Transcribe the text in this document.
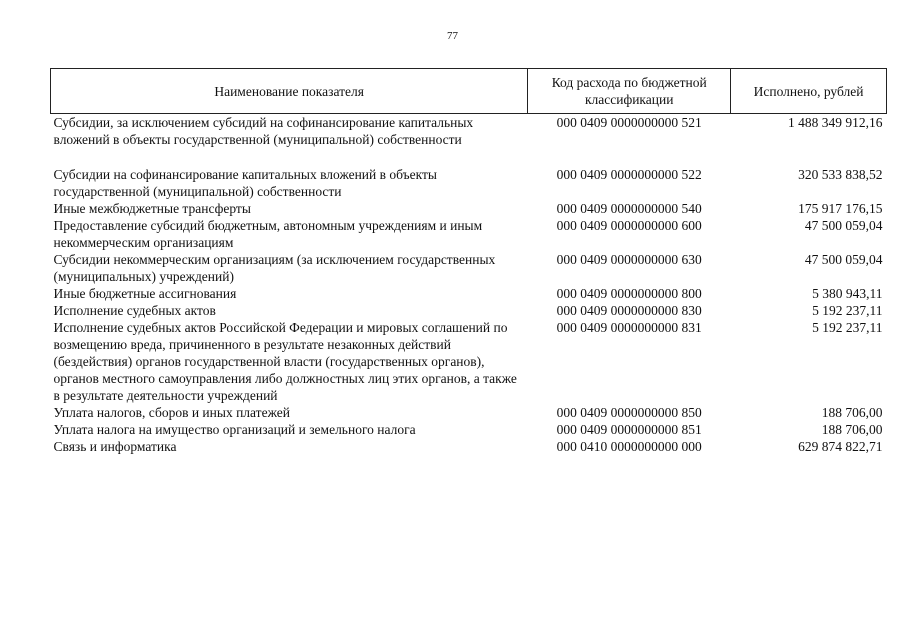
77
Наименование показателя	Код расхода по бюджетной классификации	Исполнено, рублей
Субсидии, за исключением субсидий на софинансирование капитальных вложений в объекты государственной (муниципальной) собственности	000 0409 0000000000 521	1 488 349 912,16
Субсидии на софинансирование капитальных вложений в объекты государственной (муниципальной) собственности	000 0409 0000000000 522	320 533 838,52
Иные межбюджетные трансферты	000 0409 0000000000 540	175 917 176,15
Предоставление субсидий бюджетным, автономным учреждениям и иным некоммерческим организациям	000 0409 0000000000 600	47 500 059,04
Субсидии некоммерческим организациям (за исключением государственных (муниципальных) учреждений)	000 0409 0000000000 630	47 500 059,04
Иные бюджетные ассигнования	000 0409 0000000000 800	5 380 943,11
Исполнение судебных актов	000 0409 0000000000 830	5 192 237,11
Исполнение судебных актов Российской Федерации и мировых соглашений по возмещению вреда, причиненного в результате незаконных действий (бездействия) органов государственной власти (государственных органов), органов местного самоуправления либо должностных лиц этих органов, а также в результате деятельности учреждений	000 0409 0000000000 831	5 192 237,11
Уплата налогов, сборов и иных платежей	000 0409 0000000000 850	188 706,00
Уплата налога на имущество организаций и земельного налога	000 0409 0000000000 851	188 706,00
Связь и информатика	000 0410 0000000000 000	629 874 822,71
